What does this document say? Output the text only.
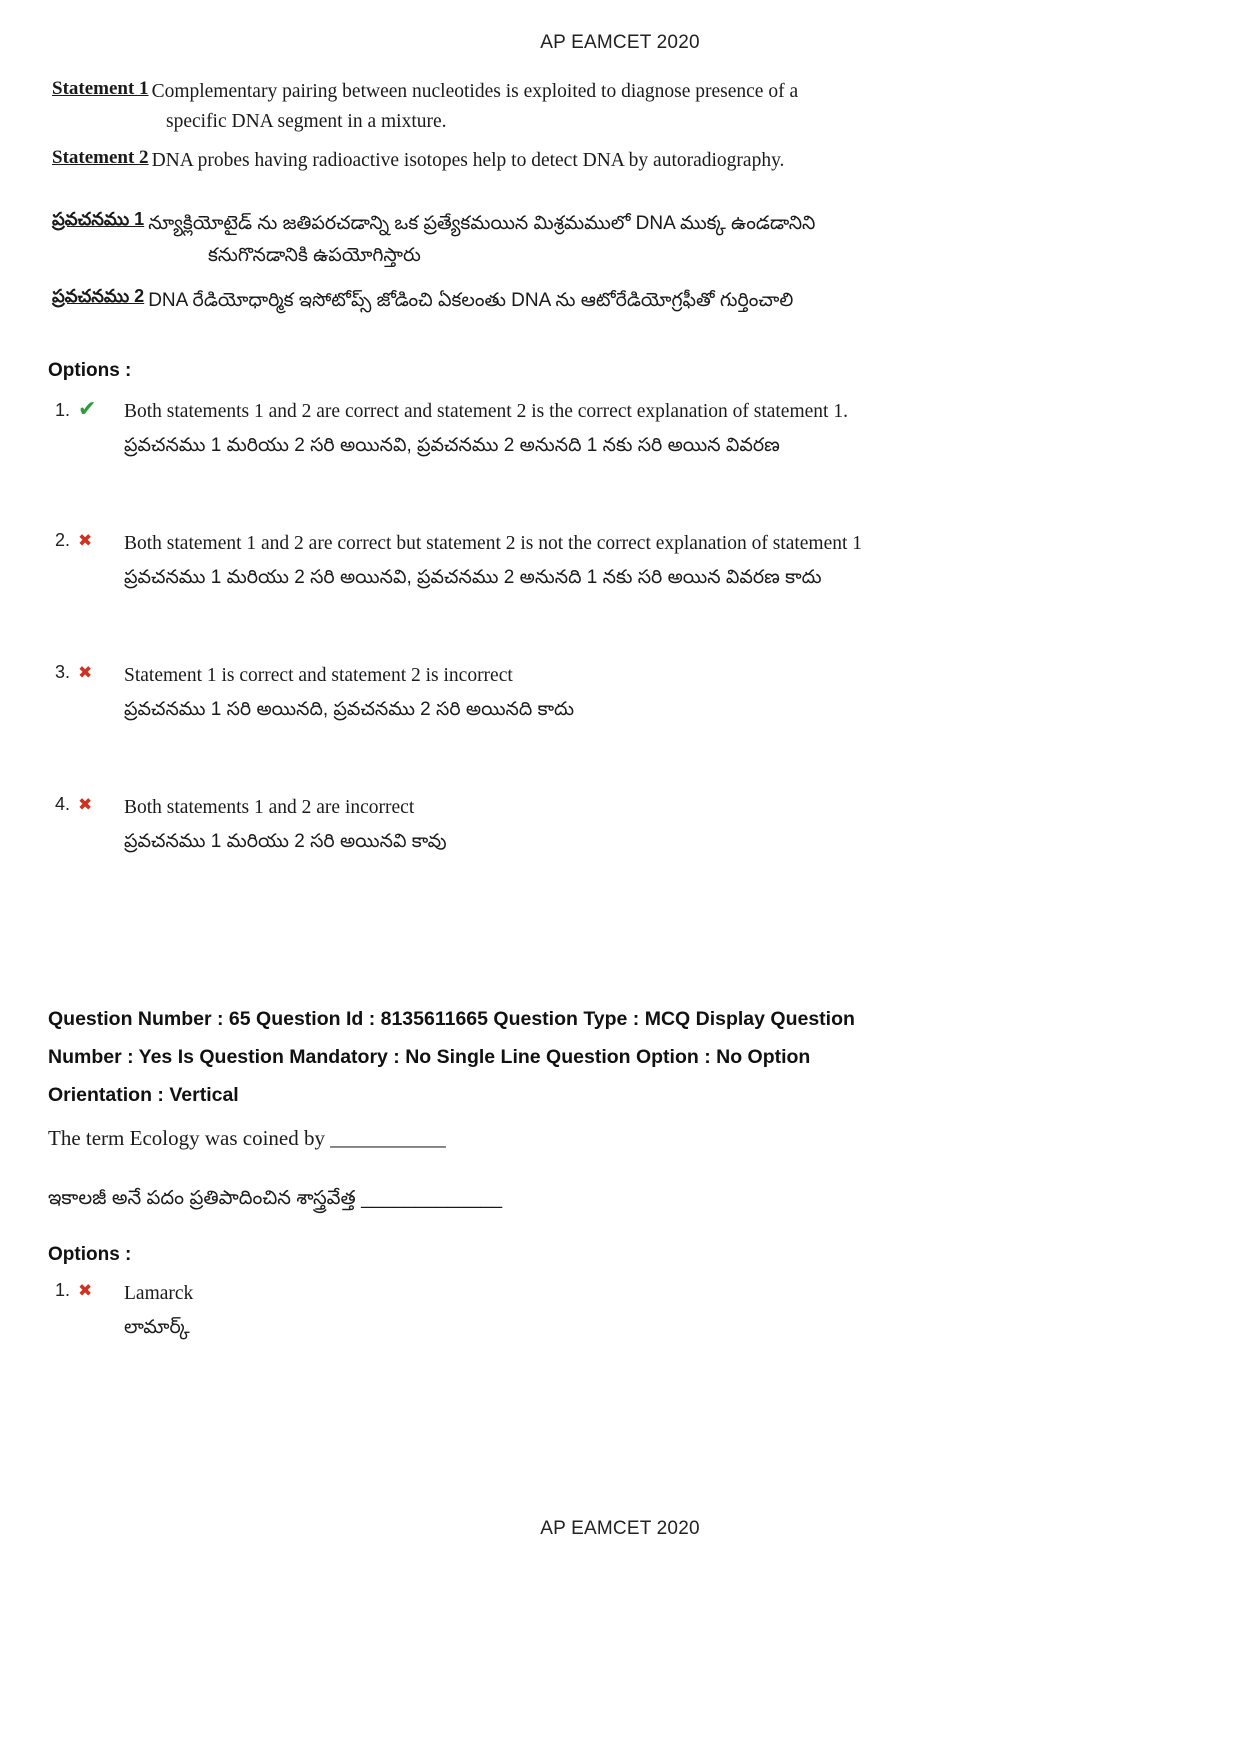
AP EAMCET 2020
Statement 1 Complementary pairing between nucleotides is exploited to diagnose presence of a
specific DNA segment in a mixture.
Statement 2 DNA probes having radioactive isotopes help to detect DNA by autoradiography.
ప్రవచనము 1 న్యూక్లియోటైడ్ ను జతిపరచడాన్ని ఒక ప్రత్యేకమయిన మిశ్రమములో DNA ముక్క ఉండడానిని
కనుగొనడానికి ఉపయోగిస్తారు
ప్రవచనము 2 DNA రేడియోధార్మిక ఇసోటోప్స్ జోడించి ఏకలంతు DNA ను ఆటోరేడియోగ్రఫీతో గుర్తించాలి
Options :
1. ✔ Both statements 1 and 2 are correct and statement 2 is the correct explanation of statement 1.
ప్రవచనము 1 మరియు 2 సరి అయినవి, ప్రవచనము 2 అనునది 1 నకు సరి అయిన వివరణ
2. ✖ Both statement 1 and 2 are correct but statement 2 is not the correct explanation of statement 1
ప్రవచనము 1 మరియు 2 సరి అయినవి, ప్రవచనము 2 అనునది 1 నకు సరి అయిన వివరణ కాదు
3. ✖ Statement 1 is correct and statement 2 is incorrect
ప్రవచనము 1 సరి అయినది, ప్రవచనము 2 సరి అయినది కాదు
4. ✖ Both statements 1 and 2 are incorrect
ప్రవచనము 1 మరియు 2 సరి అయినవి కావు
Question Number : 65 Question Id : 8135611665 Question Type : MCQ Display Question
Number : Yes Is Question Mandatory : No Single Line Question Option : No Option
Orientation : Vertical
The term Ecology was coined by ___________
ఇకాలజీ అనే పదం ప్రతిపాదించిన శాస్త్రవేత్త _____________
Options :
1. ✖ Lamarck
లామార్క్
AP EAMCET 2020
